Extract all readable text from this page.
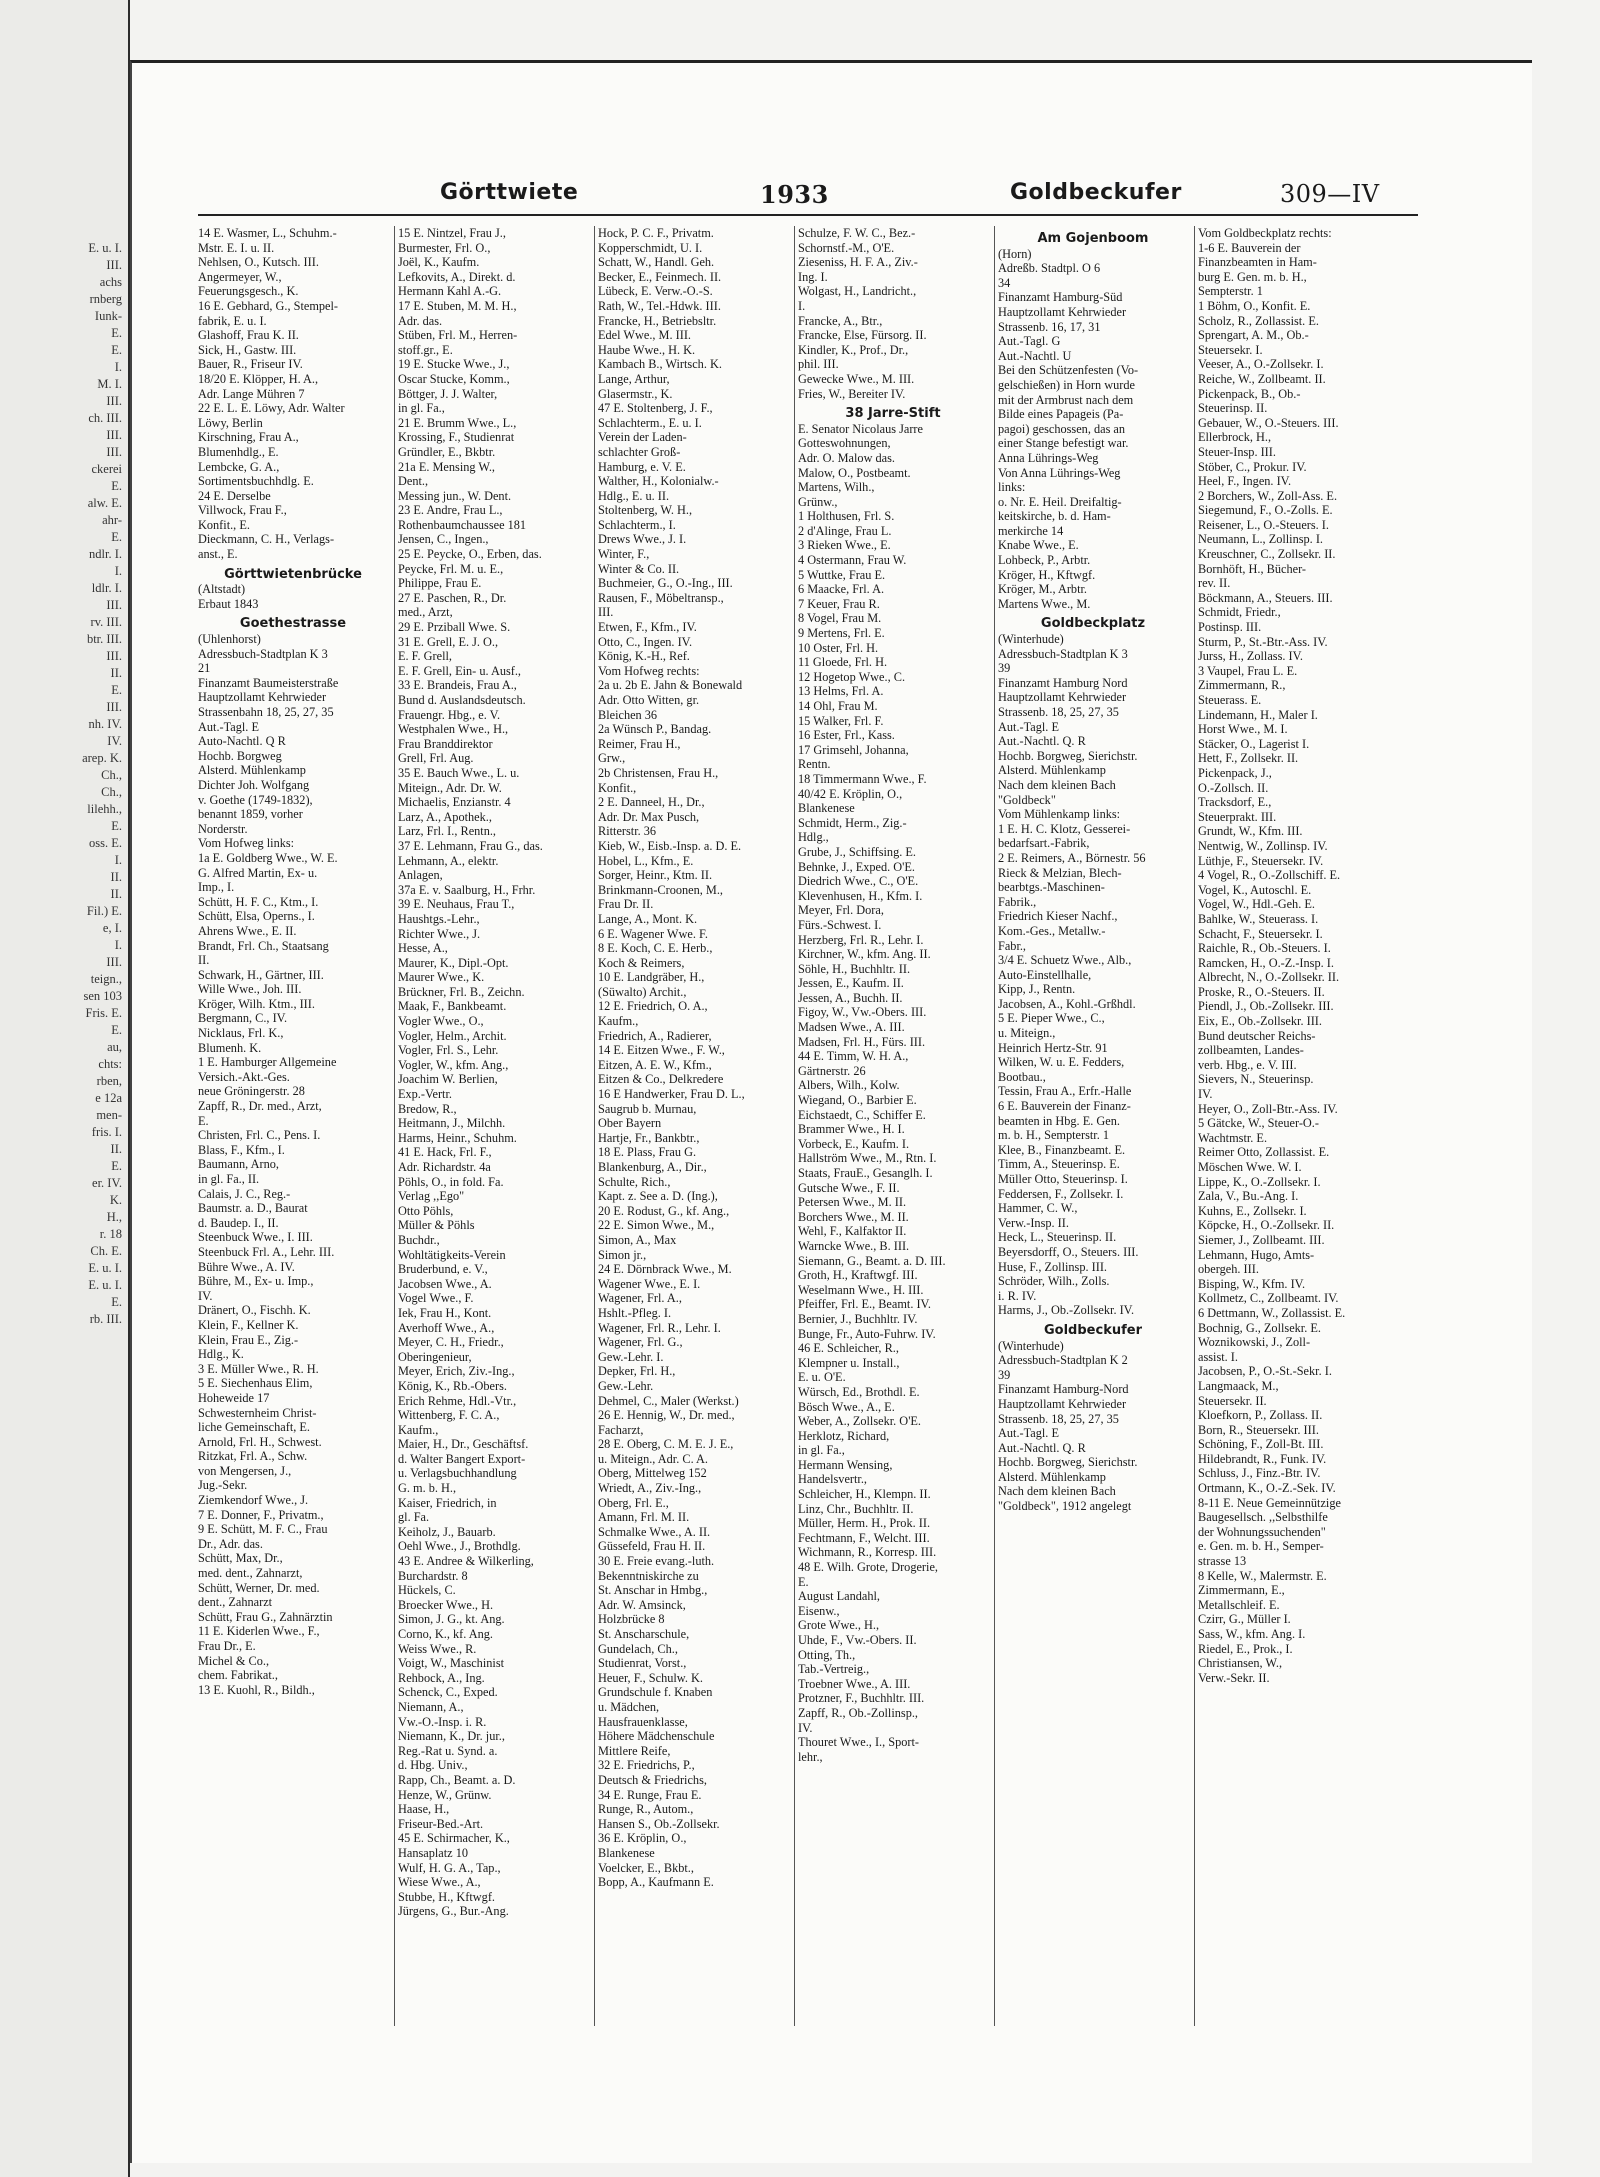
E. u. I.
III.
achs
rnberg
Iunk-
E.
E.
I.
M. I.
III.
ch. III.
III.
III.
ckerei
E.
alw. E.
ahr-
E.
ndlr. I.
I.
ldlr. I.
III.
rv. III.
btr. III.
III.
II.
E.
III.
nh. IV.
IV.
arep. K.
Ch.,
Ch.,
lilehh.,
E.
oss. E.
I.
II.
II.
Fil.) E.
e, I.
I.
III.
teign.,
sen 103
Fris. E.
E.
au,
chts:
rben,
e 12a
men-
fris. I.
II.
E.
er. IV.
K.
H.,
r. 18
Ch. E.
E. u. I.
E. u. I.
E.
rb. III.
Görttwiete	1933	Goldbeckufer	309—IV
14 E. Wasmer, L., Schuhm.-
Mstr. E. I. u. II.
Nehlsen, O., Kutsch. III.
Angermeyer, W.,
Feuerungsgesch., K.
16 E. Gebhard, G., Stempel-
fabrik, E. u. I.
Glashoff, Frau K. II.
Sick, H., Gastw. III.
Bauer, R., Friseur IV.
18/20 E. Klöpper, H. A.,
Adr. Lange Mühren 7
22 E. L. E. Löwy, Adr. Walter
Löwy, Berlin
Kirschning, Frau A.,
Blumenhdlg., E.
Lembcke, G. A.,
Sortimentsbuchhdlg. E.
24 E. Derselbe
Villwock, Frau F.,
Konfit., E.
Dieckmann, C. H., Verlags-
anst., E.
Görttwietenbrücke
(Altstadt)
Erbaut 1843
Goethestrasse
(Uhlenhorst)
Adressbuch-Stadtplan K 3
21
Finanzamt Baumeisterstraße
Hauptzollamt Kehrwieder
Strassenbahn 18, 25, 27, 35
Aut.-Tagl. E
Auto-Nachtl. Q R
Hochb. Borgweg
Alsterd. Mühlenkamp
Dichter Joh. Wolfgang
v. Goethe (1749-1832),
benannt 1859, vorher
Norderstr.
Vom Hofweg links:
1a E. Goldberg Wwe., W. E.
G. Alfred Martin, Ex- u.
Imp., I.
Schütt, H. F. C., Ktm., I.
Schütt, Elsa, Operns., I.
Ahrens Wwe., E. II.
Brandt, Frl. Ch., Staatsang
II.
Schwark, H., Gärtner, III.
Wille Wwe., Joh. III.
Kröger, Wilh. Ktm., III.
Bergmann, C., IV.
Nicklaus, Frl. K.,
Blumenh. K.
1 E. Hamburger Allgemeine
Versich.-Akt.-Ges.
neue Gröningerstr. 28
Zapff, R., Dr. med., Arzt,
E.
Christen, Frl. C., Pens. I.
Blass, F., Kfm., I.
Baumann, Arno,
in gl. Fa., II.
Calais, J. C., Reg.-
Baumstr. a. D., Baurat
d. Baudep. I., II.
Steenbuck Wwe., I. III.
Steenbuck Frl. A., Lehr. III.
Bühre Wwe., A. IV.
Bühre, M., Ex- u. Imp.,
IV.
Dränert, O., Fischh. K.
Klein, F., Kellner K.
Klein, Frau E., Zig.-
Hdlg., K.
3 E. Müller Wwe., R. H.
5 E. Siechenhaus Elim,
Hoheweide 17
Schwesternheim Christ-
liche Gemeinschaft, E.
Arnold, Frl. H., Schwest.
Ritzkat, Frl. A., Schw.
von Mengersen, J.,
Jug.-Sekr.
Ziemkendorf Wwe., J.
7 E. Donner, F., Privatm.,
9 E. Schütt, M. F. C., Frau
Dr., Adr. das.
Schütt, Max, Dr.,
med. dent., Zahnarzt,
Schütt, Werner, Dr. med.
dent., Zahnarzt
Schütt, Frau G., Zahnärztin
11 E. Kiderlen Wwe., F.,
Frau Dr., E.
Michel & Co.,
chem. Fabrikat.,
13 E. Kuohl, R., Bildh.,
15 E. Nintzel, Frau J.,
Burmester, Frl. O.,
Joël, K., Kaufm.
Lefkovits, A., Direkt. d.
Hermann Kahl A.-G.
17 E. Stuben, M. M. H.,
Adr. das.
Stüben, Frl. M., Herren-
stoff.gr., E.
19 E. Stucke Wwe., J.,
Oscar Stucke, Komm.,
Böttger, J. J. Walter,
in gl. Fa.,
21 E. Brumm Wwe., L.,
Krossing, F., Studienrat
Gründler, E., Bkbtr.
21a E. Mensing W.,
Dent.,
Messing jun., W. Dent.
23 E. Andre, Frau L.,
Rothenbaumchaussee 181
Jensen, C., Ingen.,
25 E. Peycke, O., Erben, das.
Peycke, Frl. M. u. E.,
Philippe, Frau E.
27 E. Paschen, R., Dr.
med., Arzt,
29 E. Prziball Wwe. S.
31 E. Grell, E. J. O.,
E. F. Grell,
E. F. Grell, Ein- u. Ausf.,
33 E. Brandeis, Frau A.,
Bund d. Auslandsdeutsch.
Frauengr. Hbg., e. V.
Westphalen Wwe., H.,
Frau Branddirektor
Grell, Frl. Aug.
35 E. Bauch Wwe., L. u.
Miteign., Adr. Dr. W.
Michaelis, Enzianstr. 4
Larz, A., Apothek.,
Larz, Frl. I., Rentn.,
37 E. Lehmann, Frau G., das.
Lehmann, A., elektr.
Anlagen,
37a E. v. Saalburg, H., Frhr.
39 E. Neuhaus, Frau T.,
Haushtgs.-Lehr.,
Richter Wwe., J.
Hesse, A.,
Maurer, K., Dipl.-Opt.
Maurer Wwe., K.
Brückner, Frl. B., Zeichn.
Maak, F., Bankbeamt.
Vogler Wwe., O.,
Vogler, Helm., Archit.
Vogler, Frl. S., Lehr.
Vogler, W., kfm. Ang.,
Joachim W. Berlien,
Exp.-Vertr.
Bredow, R.,
Heitmann, J., Milchh.
Harms, Heinr., Schuhm.
41 E. Hack, Frl. F.,
Adr. Richardstr. 4a
Pöhls, O., in fold. Fa.
Verlag ,,Ego"
Otto Pöhls,
Müller & Pöhls
Buchdr.,
Wohltätigkeits-Verein
Bruderbund, e. V.,
Jacobsen Wwe., A.
Vogel Wwe., F.
Iek, Frau H., Kont.
Averhoff Wwe., A.,
Meyer, C. H., Friedr.,
Oberingenieur,
Meyer, Erich, Ziv.-Ing.,
König, K., Rb.-Obers.
Erich Rehme, Hdl.-Vtr.,
Wittenberg, F. C. A.,
Kaufm.,
Maier, H., Dr., Geschäftsf.
d. Walter Bangert Export-
u. Verlagsbuchhandlung
G. m. b. H.,
Kaiser, Friedrich, in
gl. Fa.
Keiholz, J., Bauarb.
Oehl Wwe., J., Brothdlg.
43 E. Andree & Wilkerling,
Burchardstr. 8
Hückels, C.
Broecker Wwe., H.
Simon, J. G., kt. Ang.
Corno, K., kf. Ang.
Weiss Wwe., R.
Voigt, W., Maschinist
Rehbock, A., Ing.
Schenck, C., Exped.
Niemann, A.,
Vw.-O.-Insp. i. R.
Niemann, K., Dr. jur.,
Reg.-Rat u. Synd. a.
d. Hbg. Univ.,
Rapp, Ch., Beamt. a. D.
Henze, W., Grünw.
Haase, H.,
Friseur-Bed.-Art.
45 E. Schirmacher, K.,
Hansaplatz 10
Wulf, H. G. A., Tap.,
Wiese Wwe., A.,
Stubbe, H., Kftwgf.
Jürgens, G., Bur.-Ang.
Hock, P. C. F., Privatm.
Kopperschmidt, U. I.
Schatt, W., Handl. Geh.
Becker, E., Feinmech. II.
Lübeck, E. Verw.-O.-S.
Rath, W., Tel.-Hdwk. III.
Francke, H., Betriebsltr.
Edel Wwe., M. III.
Haube Wwe., H. K.
Kambach B., Wirtsch. K.
Lange, Arthur,
Glasermstr., K.
47 E. Stoltenberg, J. F.,
Schlachterm., E. u. I.
Verein der Laden-
schlachter Groß-
Hamburg, e. V. E.
Walther, H., Kolonialw.-
Hdlg., E. u. II.
Stoltenberg, W. H.,
Schlachterm., I.
Drews Wwe., J. I.
Winter, F.,
Winter & Co. II.
Buchmeier, G., O.-Ing., III.
Rausen, F., Möbeltransp.,
III.
Etwen, F., Kfm., IV.
Otto, C., Ingen. IV.
König, K.-H., Ref.
Vom Hofweg rechts:
2a u. 2b E. Jahn & Bonewald
Adr. Otto Witten, gr.
Bleichen 36
2a Wünsch P., Bandag.
Reimer, Frau H.,
Grw.,
2b Christensen, Frau H.,
Konfit.,
2 E. Danneel, H., Dr.,
Adr. Dr. Max Pusch,
Ritterstr. 36
Kieb, W., Eisb.-Insp. a. D. E.
Hobel, L., Kfm., E.
Sorger, Heinr., Ktm. II.
Brinkmann-Croonen, M.,
Frau Dr. II.
Lange, A., Mont. K.
6 E. Wagener Wwe. F.
8 E. Koch, C. E. Herb.,
Koch & Reimers,
10 E. Landgräber, H.,
(Süwalto) Archit.,
12 E. Friedrich, O. A.,
Kaufm.,
Friedrich, A., Radierer,
14 E. Eitzen Wwe., F. W.,
Eitzen, A. E. W., Kfm.,
Eitzen & Co., Delkredere
16 E Handwerker, Frau D. L.,
Saugrub b. Murnau,
Ober Bayern
Hartje, Fr., Bankbtr.,
18 E. Plass, Frau G.
Blankenburg, A., Dir.,
Schulte, Rich.,
Kapt. z. See a. D. (Ing.),
20 E. Rodust, G., kf. Ang.,
22 E. Simon Wwe., M.,
Simon, A., Max
Simon jr.,
24 E. Dörnbrack Wwe., M.
Wagener Wwe., E. I.
Wagener, Frl. A.,
Hshlt.-Pfleg. I.
Wagener, Frl. R., Lehr. I.
Wagener, Frl. G.,
Gew.-Lehr. I.
Depker, Frl. H.,
Gew.-Lehr.
Dehmel, C., Maler (Werkst.)
26 E. Hennig, W., Dr. med.,
Facharzt,
28 E. Oberg, C. M. E. J. E.,
u. Miteign., Adr. C. A.
Oberg, Mittelweg 152
Wriedt, A., Ziv.-Ing.,
Oberg, Frl. E.,
Amann, Frl. M. II.
Schmalke Wwe., A. II.
Güssefeld, Frau H. II.
30 E. Freie evang.-luth.
Bekenntniskirche zu
St. Anschar in Hmbg.,
Adr. W. Amsinck,
Holzbrücke 8
St. Anscharschule,
Gundelach, Ch.,
Studienrat, Vorst.,
Heuer, F., Schulw. K.
Grundschule f. Knaben
u. Mädchen,
Hausfrauenklasse,
Höhere Mädchenschule
Mittlere Reife,
32 E. Friedrichs, P.,
Deutsch & Friedrichs,
34 E. Runge, Frau E.
Runge, R., Autom.,
Hansen S., Ob.-Zollsekr.
36 E. Kröplin, O.,
Blankenese
Voelcker, E., Bkbt.,
Bopp, A., Kaufmann E.
Schulze, F. W. C., Bez.-
Schornstf.-M., O'E.
Zieseniss, H. F. A., Ziv.-
Ing. I.
Wolgast, H., Landricht.,
I.
Francke, A., Btr.,
Francke, Else, Fürsorg. II.
Kindler, K., Prof., Dr.,
phil. III.
Gewecke Wwe., M. III.
Fries, W., Bereiter IV.
38 Jarre-Stift
E. Senator Nicolaus Jarre
Gotteswohnungen,
Adr. O. Malow das.
Malow, O., Postbeamt.
Martens, Wilh.,
Grünw.,
1 Holthusen, Frl. S.
2 d'Alinge, Frau L.
3 Rieken Wwe., E.
4 Ostermann, Frau W.
5 Wuttke, Frau E.
6 Maacke, Frl. A.
7 Keuer, Frau R.
8 Vogel, Frau M.
9 Mertens, Frl. E.
10 Oster, Frl. H.
11 Gloede, Frl. H.
12 Hogetop Wwe., C.
13 Helms, Frl. A.
14 Ohl, Frau M.
15 Walker, Frl. F.
16 Ester, Frl., Kass.
17 Grimsehl, Johanna,
Rentn.
18 Timmermann Wwe., F.
40/42 E. Kröplin, O.,
Blankenese
Schmidt, Herm., Zig.-
Hdlg.,
Grube, J., Schiffsing. E.
Behnke, J., Exped. O'E.
Diedrich Wwe., C., O'E.
Klevenhusen, H., Kfm. I.
Meyer, Frl. Dora,
Fürs.-Schwest. I.
Herzberg, Frl. R., Lehr. I.
Kirchner, W., kfm. Ang. II.
Söhle, H., Buchhltr. II.
Jessen, E., Kaufm. II.
Jessen, A., Buchh. II.
Figoy, W., Vw.-Obers. III.
Madsen Wwe., A. III.
Madsen, Frl. H., Fürs. III.
44 E. Timm, W. H. A.,
Gärtnerstr. 26
Albers, Wilh., Kolw.
Wiegand, O., Barbier E.
Eichstaedt, C., Schiffer E.
Brammer Wwe., H. I.
Vorbeck, E., Kaufm. I.
Hallström Wwe., M., Rtn. I.
Staats, FrauE., Gesanglh. I.
Gutsche Wwe., F. II.
Petersen Wwe., M. II.
Borchers Wwe., M. II.
Wehl, F., Kalfaktor II.
Warncke Wwe., B. III.
Siemann, G., Beamt. a. D. III.
Groth, H., Kraftwgf. III.
Weselmann Wwe., H. III.
Pfeiffer, Frl. E., Beamt. IV.
Bernier, J., Buchhltr. IV.
Bunge, Fr., Auto-Fuhrw. IV.
46 E. Schleicher, R.,
Klempner u. Install.,
E. u. O'E.
Würsch, Ed., Brothdl. E.
Bösch Wwe., A., E.
Weber, A., Zollsekr. O'E.
Herklotz, Richard,
in gl. Fa.,
Hermann Wensing,
Handelsvertr.,
Schleicher, H., Klempn. II.
Linz, Chr., Buchhltr. II.
Müller, Herm. H., Prok. II.
Fechtmann, F., Welcht. III.
Wichmann, R., Korresp. III.
48 E. Wilh. Grote, Drogerie,
E.
August Landahl,
Eisenw.,
Grote Wwe., H.,
Uhde, F., Vw.-Obers. II.
Otting, Th.,
Tab.-Vertreig.,
Troebner Wwe., A. III.
Protzner, F., Buchhltr. III.
Zapff, R., Ob.-Zollinsp.,
IV.
Thouret Wwe., I., Sport-
lehr.,
Am Gojenboom
(Horn)
Adreßb. Stadtpl. O 6
34
Finanzamt Hamburg-Süd
Hauptzollamt Kehrwieder
Strassenb. 16, 17, 31
Aut.-Tagl. G
Aut.-Nachtl. U
Bei den Schützenfesten (Vo-
gelschießen) in Horn wurde
mit der Armbrust nach dem
Bilde eines Papageis (Pa-
pagoi) geschossen, das an
einer Stange befestigt war.
Anna Lührings-Weg
Von Anna Lührings-Weg
links:
o. Nr. E. Heil. Dreifaltig-
keitskirche, b. d. Ham-
merkirche 14
Knabe Wwe., E.
Lohbeck, P., Arbtr.
Kröger, H., Kftwgf.
Kröger, M., Arbtr.
Martens Wwe., M.
Goldbeckplatz
(Winterhude)
Adressbuch-Stadtplan K 3
39
Finanzamt Hamburg Nord
Hauptzollamt Kehrwieder
Strassenb. 18, 25, 27, 35
Aut.-Tagl. E
Aut.-Nachtl. Q. R
Hochb. Borgweg, Sierichstr.
Alsterd. Mühlenkamp
Nach dem kleinen Bach
"Goldbeck"
Vom Mühlenkamp links:
1 E. H. C. Klotz, Gesserei-
bedarfsart.-Fabrik,
2 E. Reimers, A., Börnestr. 56
Rieck & Melzian, Blech-
bearbtgs.-Maschinen-
Fabrik.,
Friedrich Kieser Nachf.,
Kom.-Ges., Metallw.-
Fabr.,
3/4 E. Schuetz Wwe., Alb.,
Auto-Einstellhalle,
Kipp, J., Rentn.
Jacobsen, A., Kohl.-Grßhdl.
5 E. Pieper Wwe., C.,
u. Miteign.,
Heinrich Hertz-Str. 91
Wilken, W. u. E. Fedders,
Bootbau.,
Tessin, Frau A., Erfr.-Halle
6 E. Bauverein der Finanz-
beamten in Hbg. E. Gen.
m. b. H., Sempterstr. 1
Klee, B., Finanzbeamt. E.
Timm, A., Steuerinsp. E.
Müller Otto, Steuerinsp. I.
Feddersen, F., Zollsekr. I.
Hammer, C. W.,
Verw.-Insp. II.
Heck, L., Steuerinsp. II.
Beyersdorff, O., Steuers. III.
Huse, F., Zollinsp. III.
Schröder, Wilh., Zolls.
i. R. IV.
Harms, J., Ob.-Zollsekr. IV.
Goldbeckufer
(Winterhude)
Adressbuch-Stadtplan K 2
39
Finanzamt Hamburg-Nord
Hauptzollamt Kehrwieder
Strassenb. 18, 25, 27, 35
Aut.-Tagl. E
Aut.-Nachtl. Q. R
Hochb. Borgweg, Sierichstr.
Alsterd. Mühlenkamp
Nach dem kleinen Bach
"Goldbeck", 1912 angelegt
Vom Goldbeckplatz rechts:
1-6 E. Bauverein der
Finanzbeamten in Ham-
burg E. Gen. m. b. H.,
Sempterstr. 1
1 Böhm, O., Konfit. E.
Scholz, R., Zollassist. E.
Sprengart, A. M., Ob.-
Steuersekr. I.
Veeser, A., O.-Zollsekr. I.
Reiche, W., Zollbeamt. II.
Pickenpack, B., Ob.-
Steuerinsp. II.
Gebauer, W., O.-Steuers. III.
Ellerbrock, H.,
Steuer-Insp. III.
Stöber, C., Prokur. IV.
Heel, F., Ingen. IV.
2 Borchers, W., Zoll-Ass. E.
Siegemund, F., O.-Zolls. E.
Reisener, L., O.-Steuers. I.
Neumann, L., Zollinsp. I.
Kreuschner, C., Zollsekr. II.
Bornhöft, H., Bücher-
rev. II.
Böckmann, A., Steuers. III.
Schmidt, Friedr.,
Postinsp. III.
Sturm, P., St.-Btr.-Ass. IV.
Jurss, H., Zollass. IV.
3 Vaupel, Frau L. E.
Zimmermann, R.,
Steuerass. E.
Lindemann, H., Maler I.
Horst Wwe., M. I.
Stäcker, O., Lagerist I.
Hett, F., Zollsekr. II.
Pickenpack, J.,
O.-Zollsch. II.
Tracksdorf, E.,
Steuerprakt. III.
Grundt, W., Kfm. III.
Nentwig, W., Zollinsp. IV.
Lüthje, F., Steuersekr. IV.
4 Vogel, R., O.-Zollschiff. E.
Vogel, K., Autoschl. E.
Vogel, W., Hdl.-Geh. E.
Bahlke, W., Steuerass. I.
Schacht, F., Steuersekr. I.
Raichle, R., Ob.-Steuers. I.
Ramcken, H., O.-Z.-Insp. I.
Albrecht, N., O.-Zollsekr. II.
Proske, R., O.-Steuers. II.
Piendl, J., Ob.-Zollsekr. III.
Eix, E., Ob.-Zollsekr. III.
Bund deutscher Reichs-
zollbeamten, Landes-
verb. Hbg., e. V. III.
Sievers, N., Steuerinsp.
IV.
Heyer, O., Zoll-Btr.-Ass. IV.
5 Gätcke, W., Steuer-O.-
Wachtmstr. E.
Reimer Otto, Zollassist. E.
Möschen Wwe. W. I.
Lippe, K., O.-Zollsekr. I.
Zala, V., Bu.-Ang. I.
Kuhns, E., Zollsekr. I.
Köpcke, H., O.-Zollsekr. II.
Siemer, J., Zollbeamt. III.
Lehmann, Hugo, Amts-
obergeh. III.
Bisping, W., Kfm. IV.
Kollmetz, C., Zollbeamt. IV.
6 Dettmann, W., Zollassist. E.
Bochnig, G., Zollsekr. E.
Woznikowski, J., Zoll-
assist. I.
Jacobsen, P., O.-St.-Sekr. I.
Langmaack, M.,
Steuersekr. II.
Kloefkorn, P., Zollass. II.
Born, R., Steuersekr. III.
Schöning, F., Zoll-Bt. III.
Hildebrandt, R., Funk. IV.
Schluss, J., Finz.-Btr. IV.
Ortmann, K., O.-Z.-Sek. IV.
8-11 E. Neue Gemeinnützige
Baugesellsch. ,,Selbsthilfe
der Wohnungssuchenden"
e. Gen. m. b. H., Semper-
strasse 13
8 Kelle, W., Malermstr. E.
Zimmermann, E.,
Metallschleif. E.
Czirr, G., Müller I.
Sass, W., kfm. Ang. I.
Riedel, E., Prok., I.
Christiansen, W.,
Verw.-Sekr. II.
